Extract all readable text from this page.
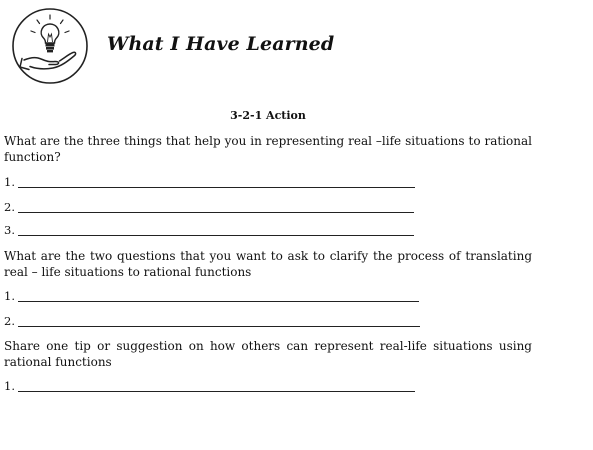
What I Have Learned
3-2-1 Action
What are the three things that help you in representing real –life situations to rational function?
1.
2.
3.
What are the two questions that you want to ask to clarify the process of translating real – life situations to rational functions
1.
2.
Share one tip or suggestion on how others can represent real-life situations using rational functions
1.
